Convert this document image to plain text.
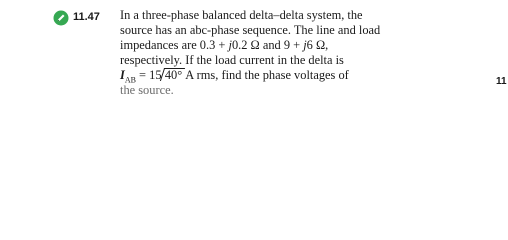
11.47 In a three-phase balanced delta–delta system, the
source has an abc-phase sequence. The line and load
impedances are 0.3 + j0.2 Ω and 9 + j6 Ω,
respectively. If the load current in the delta is
$I_{AB} = 15$ 40° A rms, find the phase voltages of
the source.
11
